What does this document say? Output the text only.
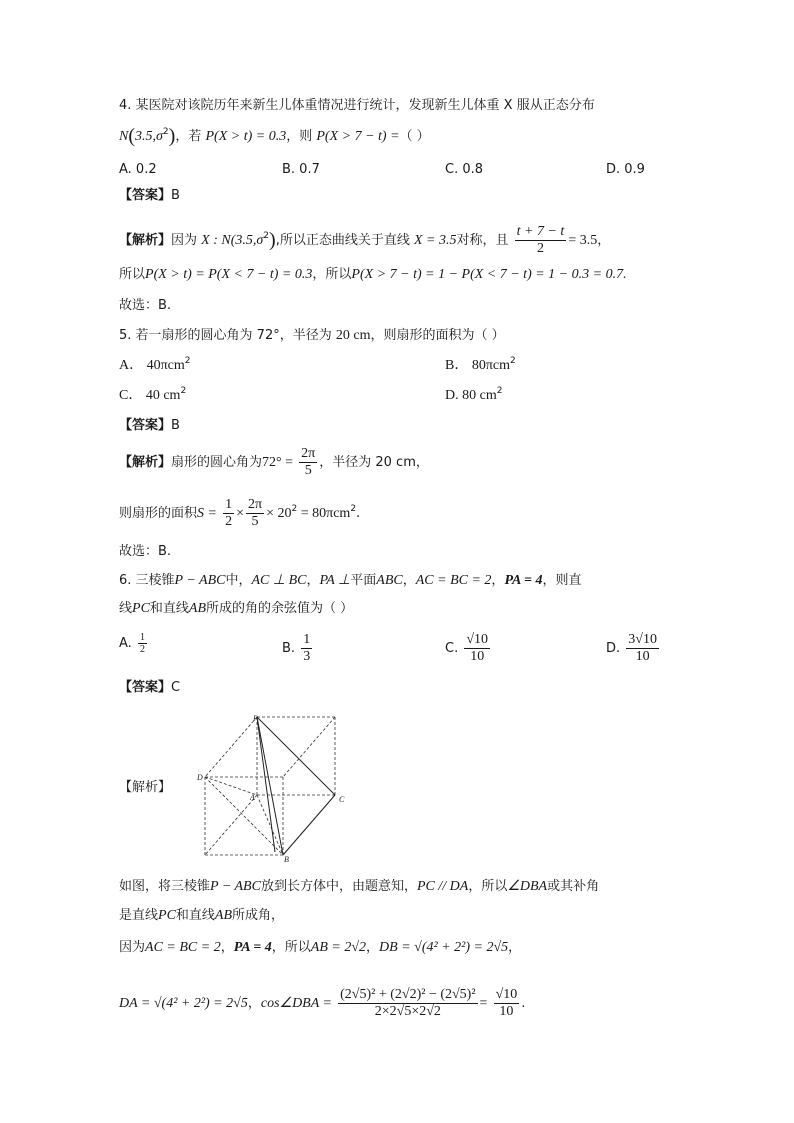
4. 某医院对该院历年来新生儿体重情况进行统计，发现新生儿体重 X 服从正态分布
$N(3.5,\sigma^2)$，若 P(X > t) = 0.3，则 P(X > 7 − t) =（ ）
A. 0.2	B. 0.7	C. 0.8	D. 0.9
【答案】B
【解析】因为 X : $N(3.5,\sigma^2)$,所以正态曲线关于直线 X = 3.5对称，且 $\frac{t + 7 - t}{2} = 3.5$，
所以P(X > t) = P(X < 7 − t) = 0.3，所以P(X > 7 − t) = 1 − P(X < 7 − t) = 1 − 0.3 = 0.7.
故选：B.
5. 若一扇形的圆心角为 72°，半径为 20 cm，则扇形的面积为（ ）
A． 40πcm$^2$	B． 80πcm$^2$
C． 40 $cm^2$	D. 80 $cm^2$
【答案】B
【解析】扇形的圆心角为$72^\circ = \frac{2\pi}{5}$ ，半径为 20 cm，
则扇形的面积$S = \frac{1}{2} \times \frac{2\pi}{5} \times 20^2 = 80\pi cm^2$.
故选：B.
6. 三棱锥P − ABC中，AC ⊥ BC，PA ⊥平面ABC，AC = BC = 2，PA = 4，则直
线PC和直线AB所成的角的余弦值为（ ）
A. $\frac{1}{2}$	B. $\frac{1}{3}$	C. $\frac{√10}{10}$	D. $\frac{3√10}{10}$
【答案】C
【解析】
P
D
A
B
C
如图，将三棱锥P − ABC放到长方体中，由题意知，PC // DA，所以∠DBA或其补角
是直线PC和直线AB所成角，
因为AC = BC = 2，PA = 4，所以AB = 2√2，DB = √(4² + 2²) = 2√5，
DA = √(4² + 2²) = 2√5，cos∠DBA = $\frac{\text{(2√5)² + (2√2)² − (2√5)²}}{2\times 2√5\times 2√2} = \frac{√10}{10}$ .
